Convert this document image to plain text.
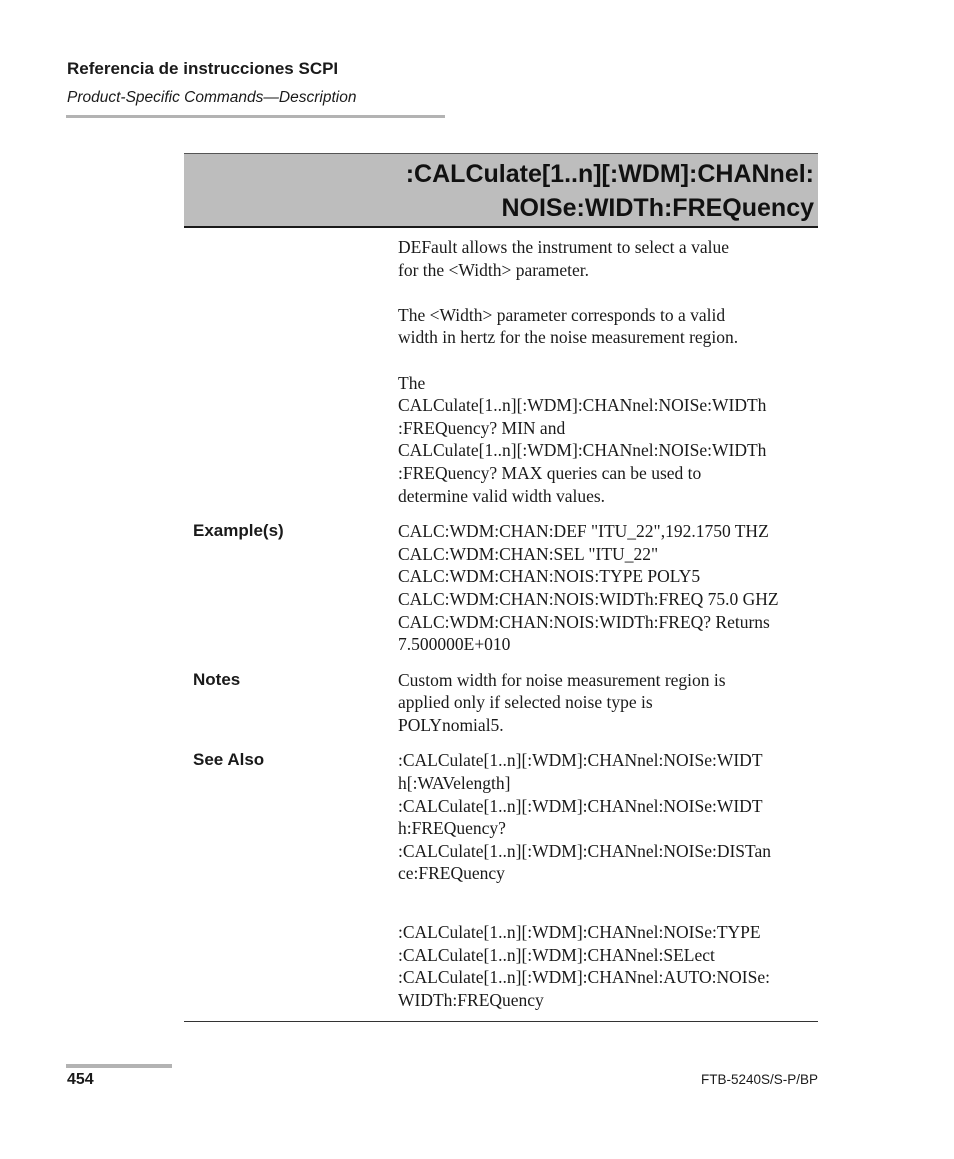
Referencia de instrucciones SCPI
Product-Specific Commands—Description
:CALCulate[1..n][:WDM]:CHANnel:
NOISe:WIDTh:FREQuency
DEFault allows the instrument to select a value
for the <Width> parameter.
The <Width> parameter corresponds to a valid
width in hertz for the noise measurement region.
The
CALCulate[1..n][:WDM]:CHANnel:NOISe:WIDTh
:FREQuency? MIN and
CALCulate[1..n][:WDM]:CHANnel:NOISe:WIDTh
:FREQuency? MAX queries can be used to
determine valid width values.
Example(s)	CALC:WDM:CHAN:DEF "ITU_22",192.1750 THZ
CALC:WDM:CHAN:SEL "ITU_22"
CALC:WDM:CHAN:NOIS:TYPE POLY5
CALC:WDM:CHAN:NOIS:WIDTh:FREQ 75.0 GHZ
CALC:WDM:CHAN:NOIS:WIDTh:FREQ? Returns
7.500000E+010
Notes	Custom width for noise measurement region is
applied only if selected noise type is
POLYnomial5.
See Also	:CALCulate[1..n][:WDM]:CHANnel:NOISe:WIDT
h[:WAVelength]
:CALCulate[1..n][:WDM]:CHANnel:NOISe:WIDT
h:FREQuency?
:CALCulate[1..n][:WDM]:CHANnel:NOISe:DISTan
ce:FREQuency
:CALCulate[1..n][:WDM]:CHANnel:NOISe:TYPE
:CALCulate[1..n][:WDM]:CHANnel:SELect
:CALCulate[1..n][:WDM]:CHANnel:AUTO:NOISe:
WIDTh:FREQuency
454	FTB-5240S/S-P/BP
